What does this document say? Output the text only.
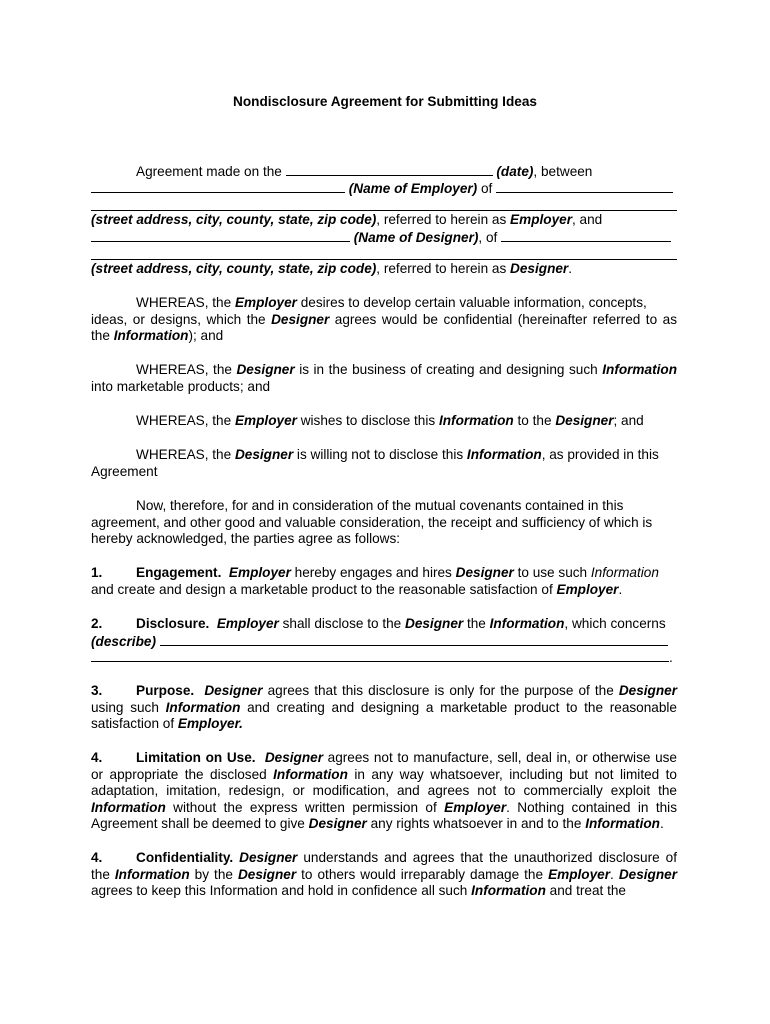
Nondisclosure Agreement for Submitting Ideas
Agreement made on the	(date), between
(Name of Employer) of
(street address, city, county, state, zip code), referred to herein as Employer, and
(Name of Designer), of
(street address, city, county, state, zip code), referred to herein as Designer.
WHEREAS, the Employer desires to develop certain valuable information, concepts,
ideas, or designs, which the Designer agrees would be confidential (hereinafter referred to as
the Information); and
WHEREAS, the Designer is in the business of creating and designing such Information
into marketable products; and
WHEREAS, the Employer wishes to disclose this Information to the Designer; and
WHEREAS, the Designer is willing not to disclose this Information, as provided in this
Agreement
Now, therefore, for and in consideration of the mutual covenants contained in this
agreement, and other good and valuable consideration, the receipt and sufficiency of which is
hereby acknowledged, the parties agree as follows:
1. Engagement. Employer hereby engages and hires Designer to use such Information
and create and design a marketable product to the reasonable satisfaction of Employer.
2. Disclosure. Employer shall disclose to the Designer the Information, which concerns
(describe)
.
3. Purpose. Designer agrees that this disclosure is only for the purpose of the Designer
using such Information and creating and designing a marketable product to the reasonable
satisfaction of Employer.
4. Limitation on Use. Designer agrees not to manufacture, sell, deal in, or otherwise use
or appropriate the disclosed Information in any way whatsoever, including but not limited to
adaptation, imitation, redesign, or modification, and agrees not to commercially exploit the
Information without the express written permission of Employer. Nothing contained in this
Agreement shall be deemed to give Designer any rights whatsoever in and to the Information.
4. Confidentiality. Designer understands and agrees that the unauthorized disclosure of
the Information by the Designer to others would irreparably damage the Employer. Designer
agrees to keep this Information and hold in confidence all such Information and treat the
